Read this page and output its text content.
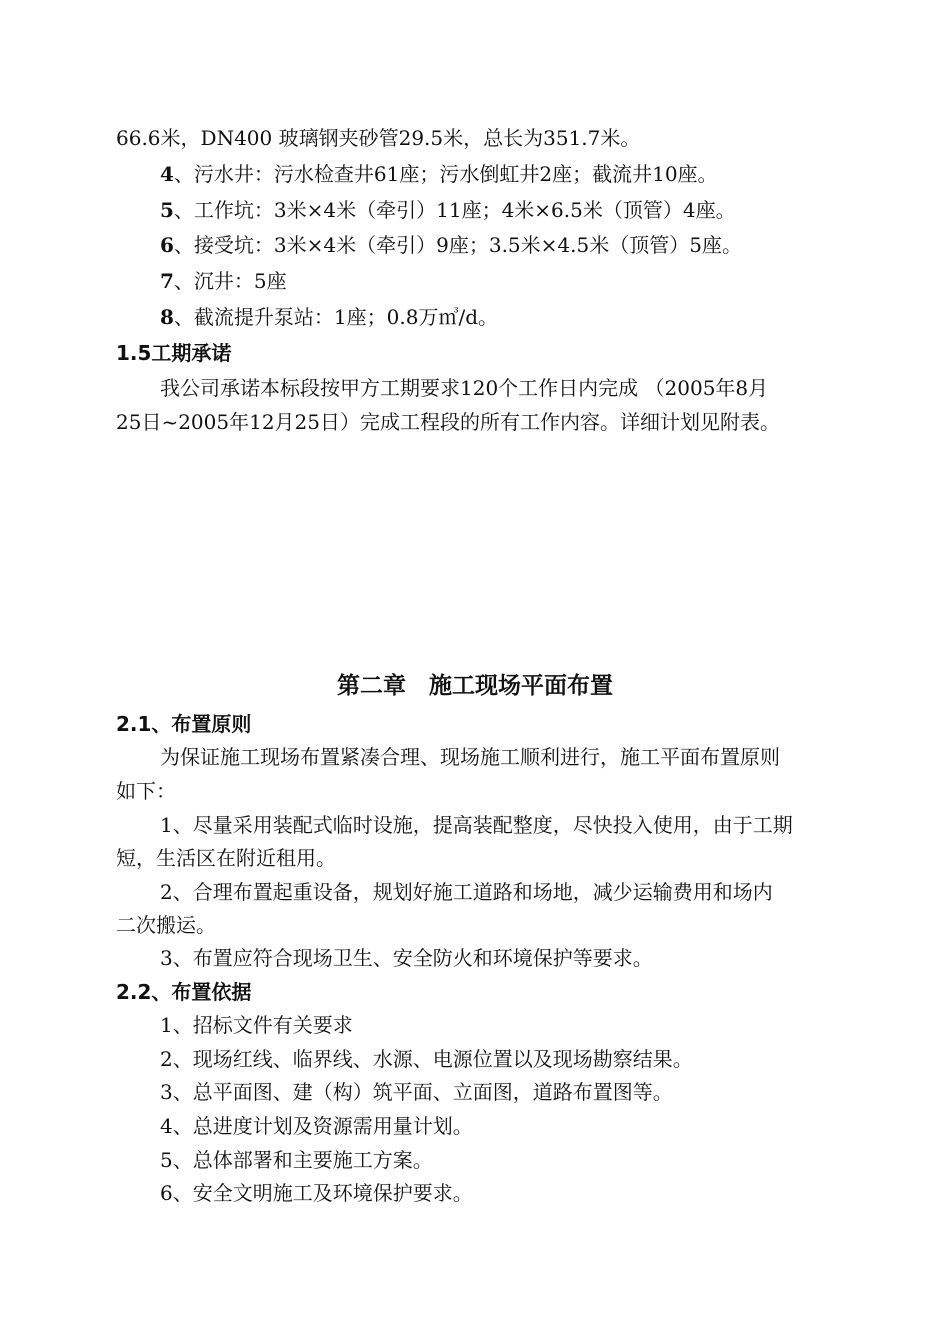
66.6米，DN400 玻璃钢夹砂管29.5米，总长为351.7米。
4、污水井：污水检查井61座；污水倒虹井2座；截流井10座。
5、工作坑：3米×4米（牵引）11座；4米×6.5米（顶管）4座。
6、接受坑：3米×4米（牵引）9座；3.5米×4.5米（顶管）5座。
7、沉井：5座
8、截流提升泵站：1座；0.8万㎥/d。
1.5工期承诺
我公司承诺本标段按甲方工期要求120个工作日内完成 （2005年8月
25日~2005年12月25日）完成工程段的所有工作内容。详细计划见附表。
第二章　施工现场平面布置
2.1、布置原则
为保证施工现场布置紧凑合理、现场施工顺利进行，施工平面布置原则
如下：
1、尽量采用装配式临时设施，提高装配整度，尽快投入使用，由于工期
短，生活区在附近租用。
2、合理布置起重设备，规划好施工道路和场地，减少运输费用和场内
二次搬运。
3、布置应符合现场卫生、安全防火和环境保护等要求。
2.2、布置依据
1、招标文件有关要求
2、现场红线、临界线、水源、电源位置以及现场勘察结果。
3、总平面图、建（构）筑平面、立面图，道路布置图等。
4、总进度计划及资源需用量计划。
5、总体部署和主要施工方案。
6、安全文明施工及环境保护要求。
